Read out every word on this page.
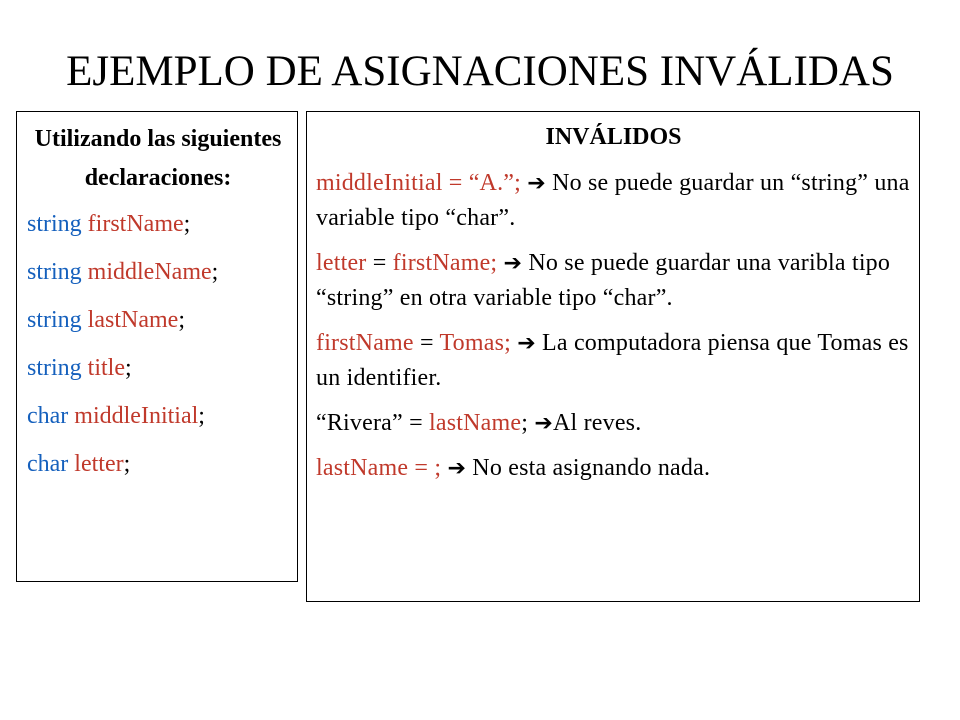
EJEMPLO DE ASIGNACIONES INVÁLIDAS

Utilizando las siguientes declaraciones:

string firstName;
string middleName;
string lastName;
string title;
char middleInitial;
char letter;

INVÁLIDOS

middleInitial = “A.”; ➔ No se puede guardar un “string” una variable tipo “char”.
letter = firstName; ➔ No se puede guardar una varibla tipo “string” en otra variable tipo “char”.
firstName = Tomas; ➔ La computadora piensa que Tomas es un identifier.
“Rivera” = lastName; ➔Al reves.
lastName = ; ➔ No esta asignando nada.
